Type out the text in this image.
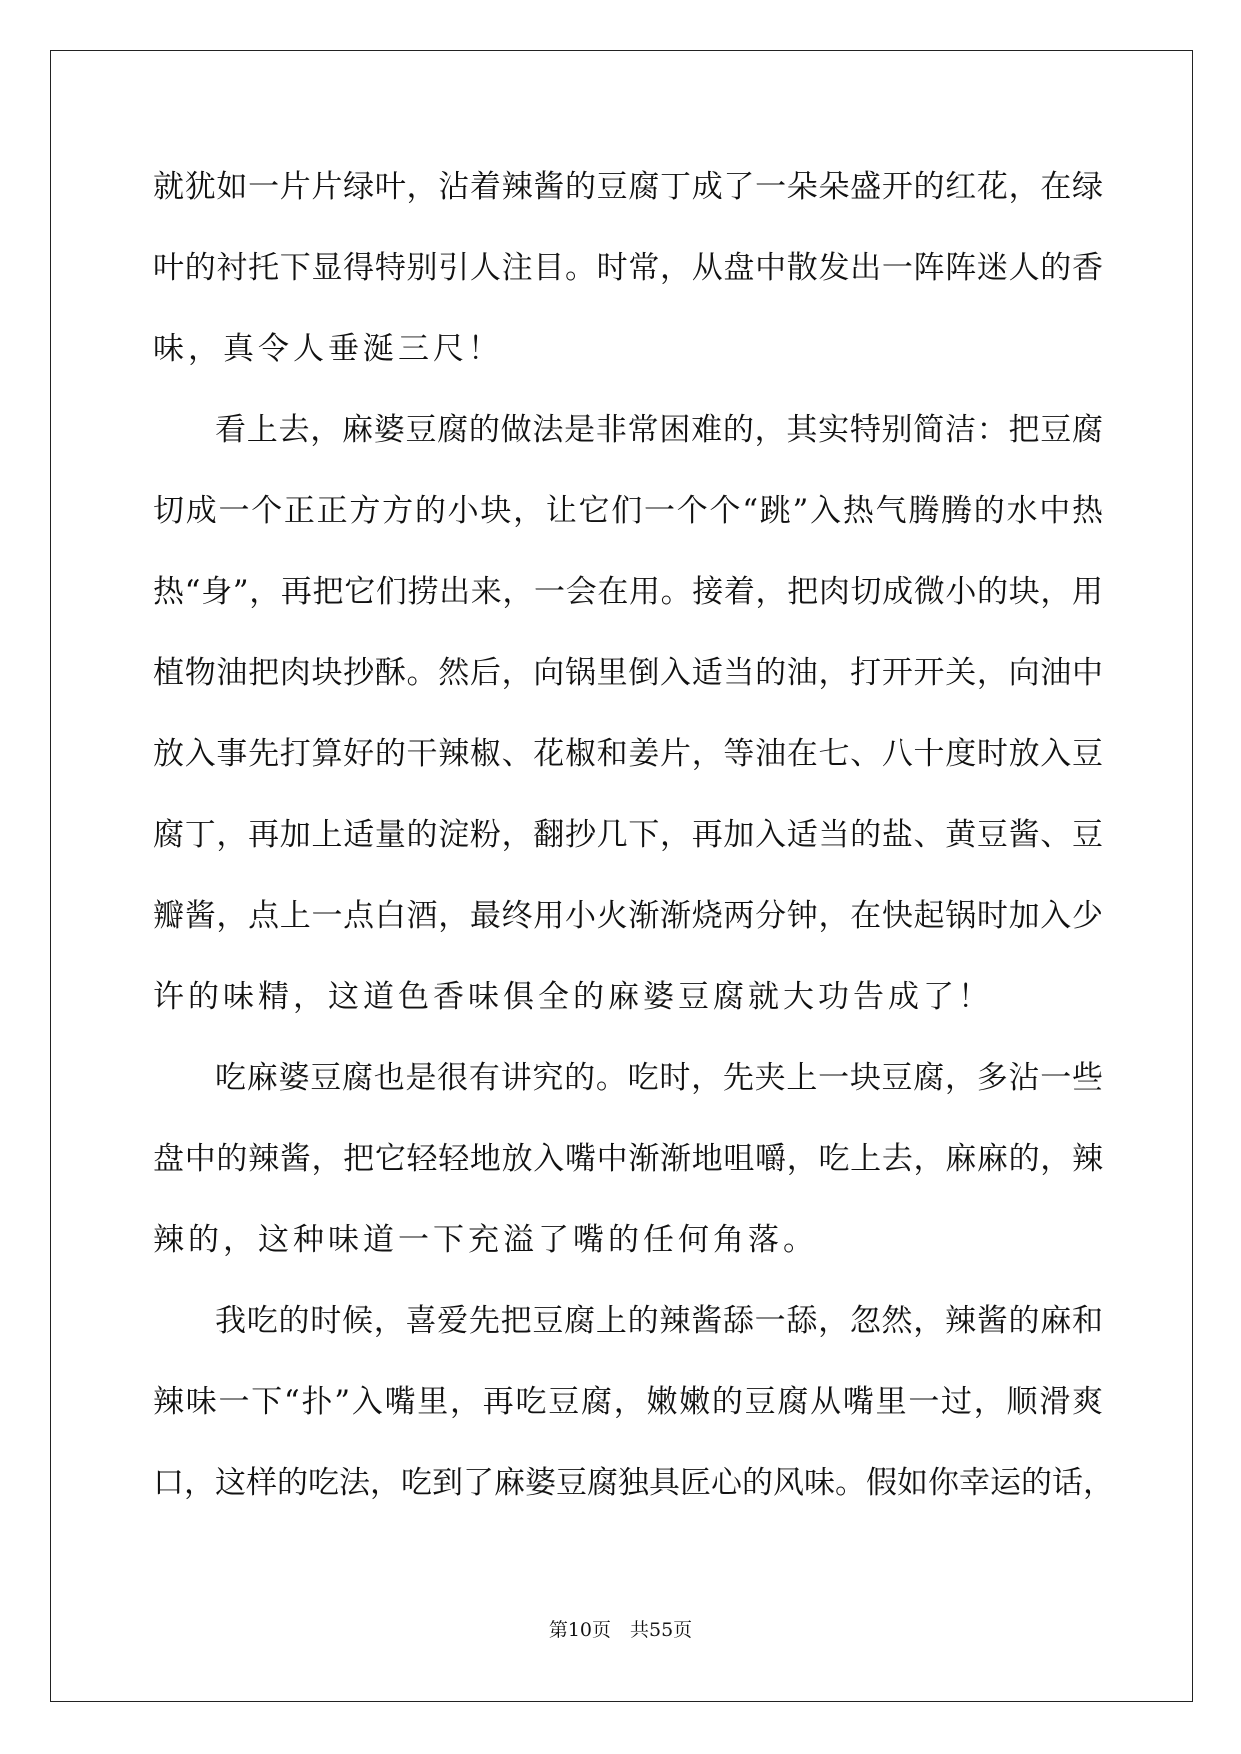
就犹如一片片绿叶，沾着辣酱的豆腐丁成了一朵朵盛开的红花，在绿
叶的衬托下显得特别引人注目。时常，从盘中散发出一阵阵迷人的香
味，真令人垂涎三尺！
看上去，麻婆豆腐的做法是非常困难的，其实特别简洁：把豆腐
切成一个正正方方的小块，让它们一个个“跳”入热气腾腾的水中热
热“身”，再把它们捞出来，一会在用。接着，把肉切成微小的块，用
植物油把肉块抄酥。然后，向锅里倒入适当的油，打开开关，向油中
放入事先打算好的干辣椒、花椒和姜片，等油在七、八十度时放入豆
腐丁，再加上适量的淀粉，翻抄几下，再加入适当的盐、黄豆酱、豆
瓣酱，点上一点白酒，最终用小火渐渐烧两分钟，在快起锅时加入少
许的味精，这道色香味俱全的麻婆豆腐就大功告成了！
吃麻婆豆腐也是很有讲究的。吃时，先夹上一块豆腐，多沾一些
盘中的辣酱，把它轻轻地放入嘴中渐渐地咀嚼，吃上去，麻麻的，辣
辣的，这种味道一下充溢了嘴的任何角落。
我吃的时候，喜爱先把豆腐上的辣酱舔一舔，忽然，辣酱的麻和
辣味一下“扑”入嘴里，再吃豆腐，嫩嫩的豆腐从嘴里一过，顺滑爽
口，这样的吃法，吃到了麻婆豆腐独具匠心的风味。假如你幸运的话，
第10页　共55页
